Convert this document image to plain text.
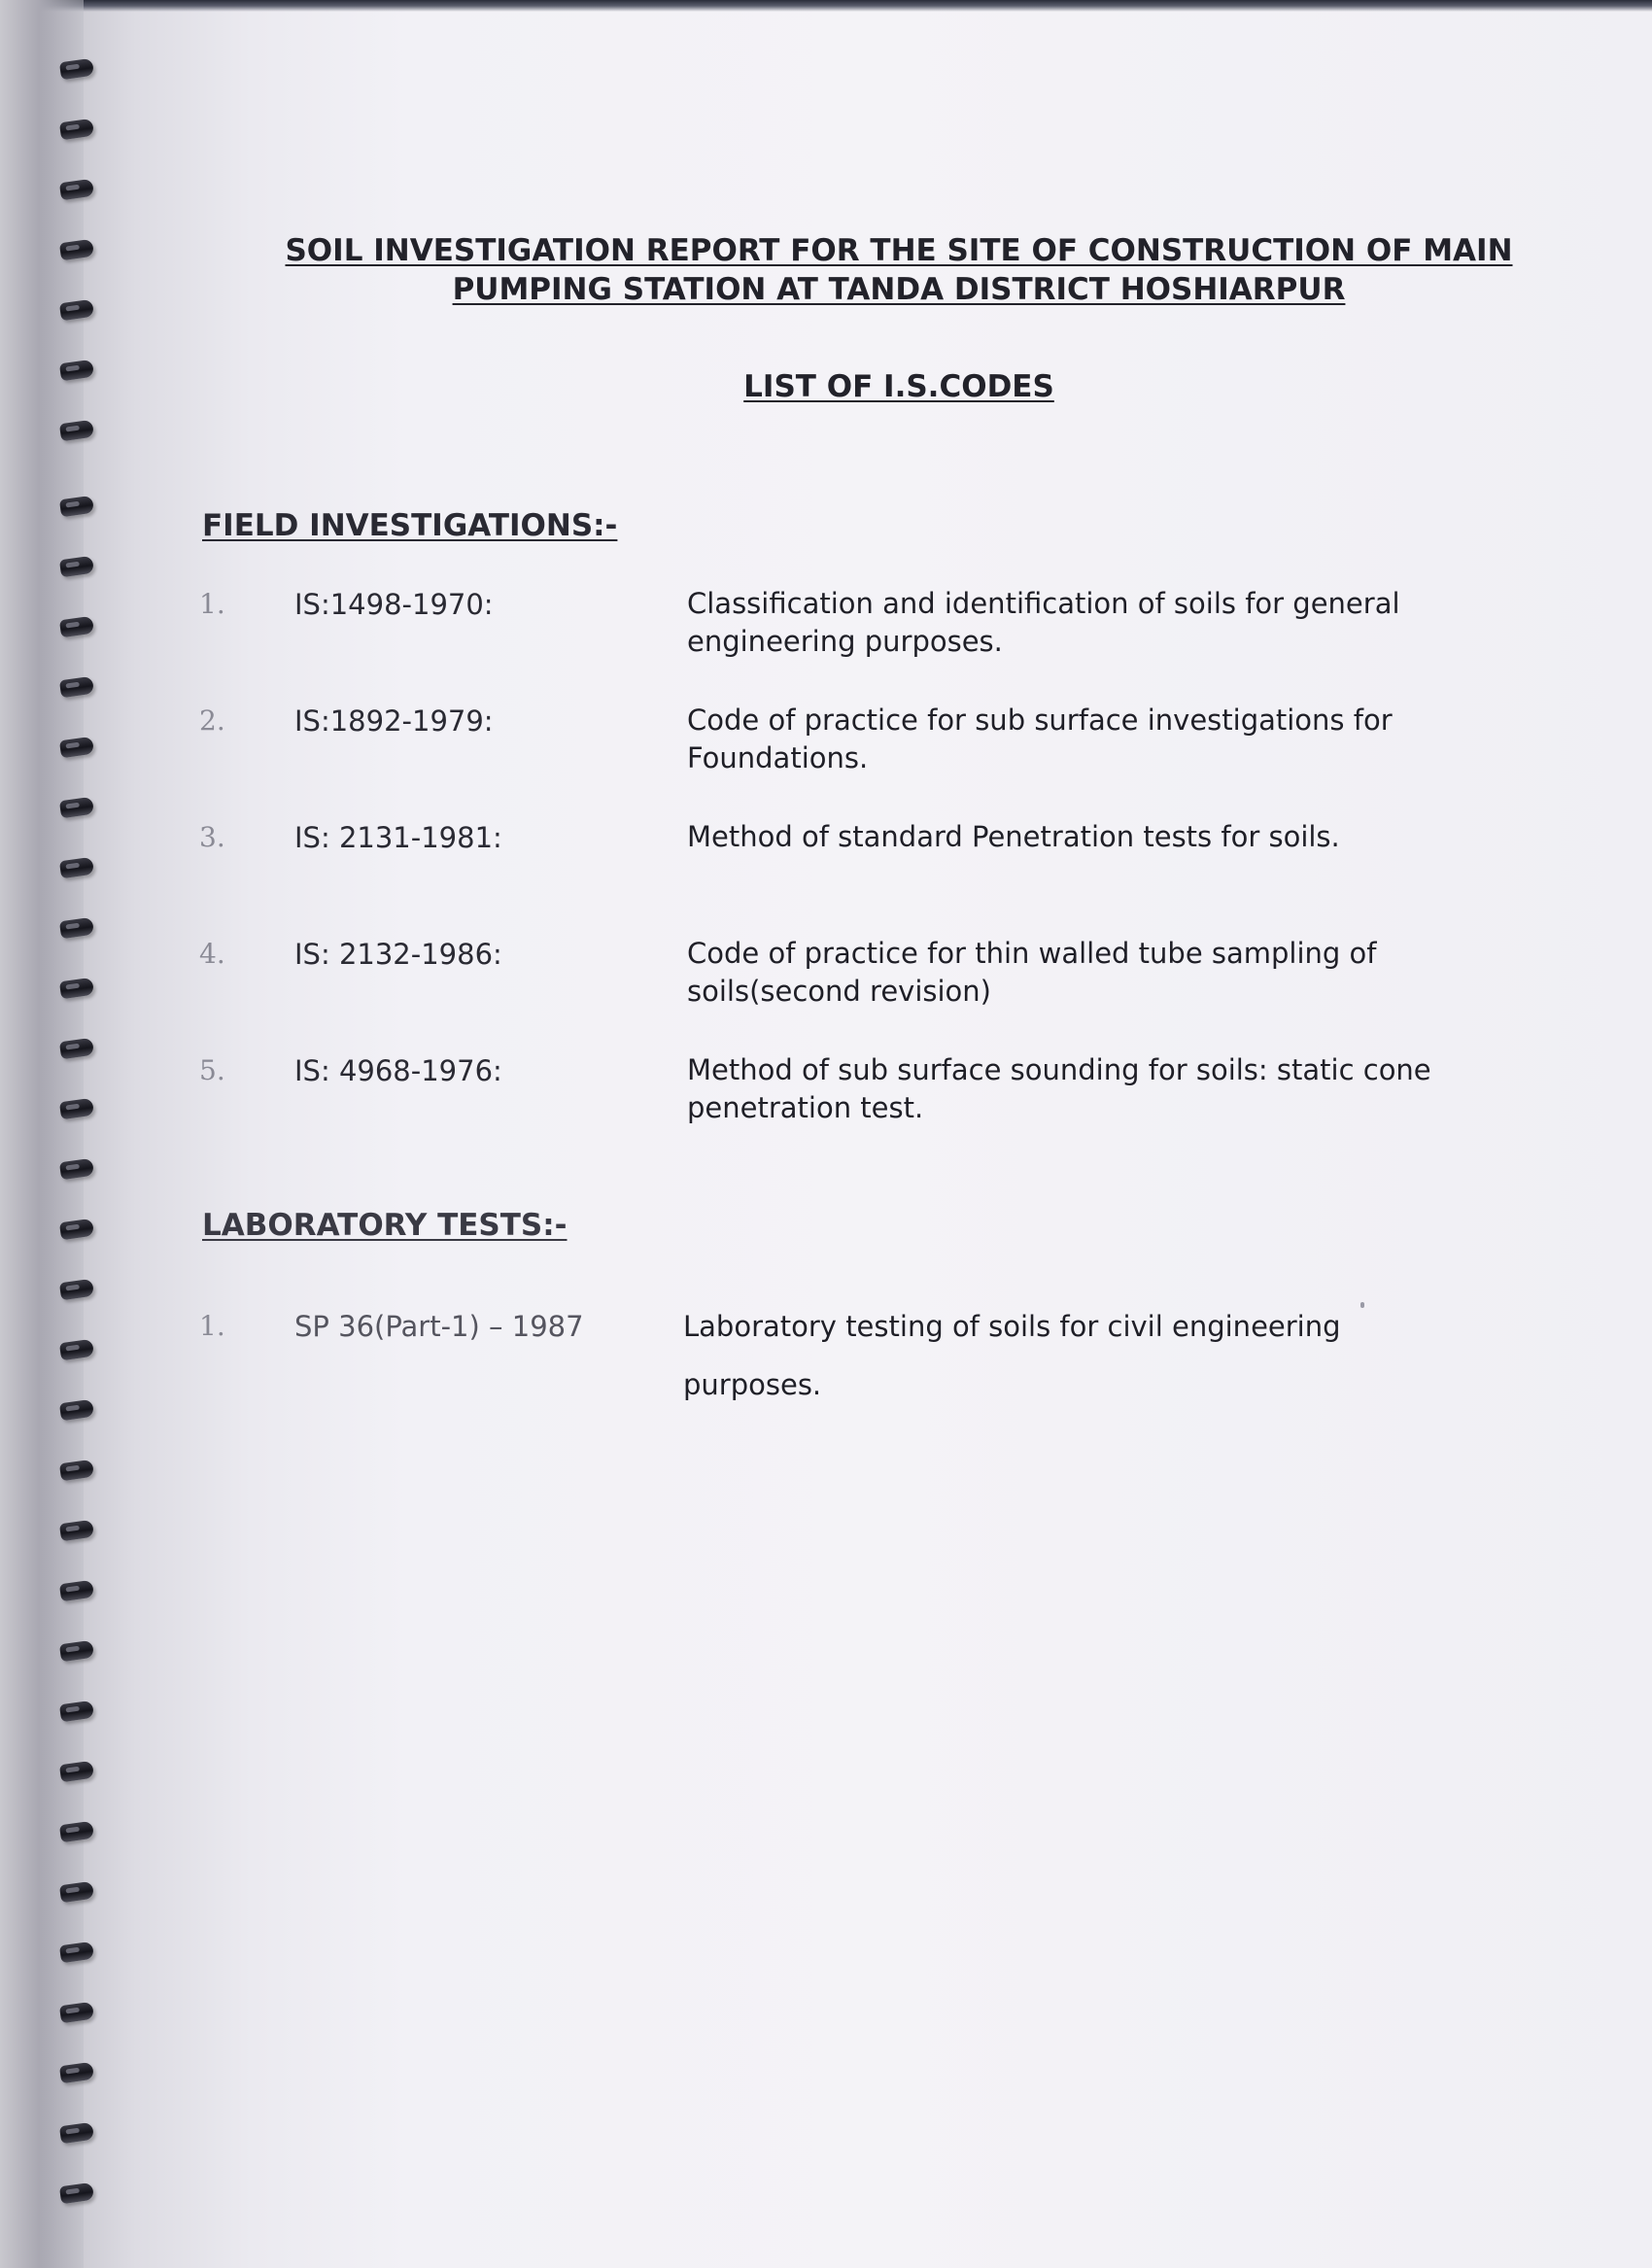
SOIL INVESTIGATION REPORT FOR THE SITE OF CONSTRUCTION OF MAIN
PUMPING STATION AT TANDA DISTRICT HOSHIARPUR
LIST OF I.S.CODES
FIELD INVESTIGATIONS:-
1.	IS:1498-1970:	Classification and identification of soils for general
engineering purposes.
2.	IS:1892-1979:	Code of practice for sub surface investigations for
Foundations.
3.	IS: 2131-1981:	Method of standard Penetration tests for soils.
4.	IS: 2132-1986:	Code of practice for thin walled tube sampling of
soils(second revision)
5.	IS: 4968-1976:	Method of sub surface sounding for soils: static cone
penetration test.
LABORATORY TESTS:-
1.	SP 36(Part-1) – 1987	Laboratory testing of soils for civil engineering
purposes.
